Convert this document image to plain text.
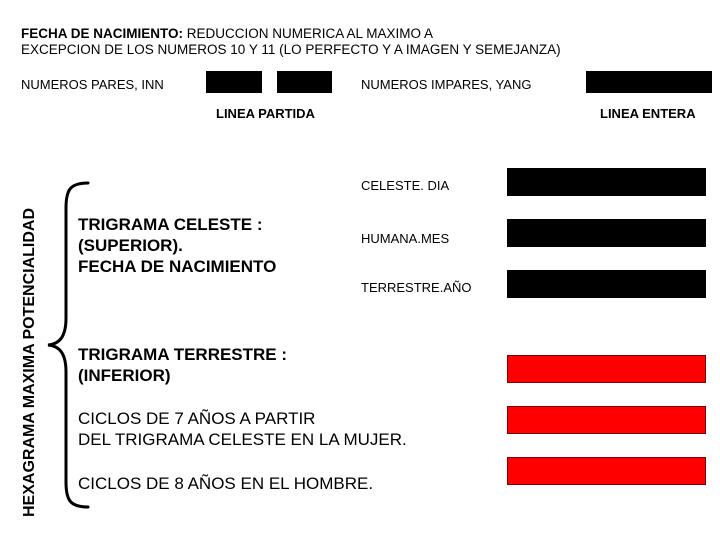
FECHA DE NACIMIENTO: REDUCCION NUMERICA AL MAXIMO A
EXCEPCION DE LOS NUMEROS 10 Y 11 (LO PERFECTO Y A IMAGEN Y SEMEJANZA)
NUMEROS PARES, INN
LINEA PARTIDA
NUMEROS IMPARES, YANG
LINEA ENTERA
HEXAGRAMA MAXIMA POTENCIALIDAD TRIGRAMA CELESTE :
(SUPERIOR).
FECHA DE NACIMIENTO
CELESTE. DIA
HUMANA.MES
TERRESTRE.AÑO
TRIGRAMA TERRESTRE :
(INFERIOR)
CICLOS DE 7 AÑOS A PARTIR
DEL TRIGRAMA CELESTE EN LA MUJER.
CICLOS DE 8 AÑOS EN EL HOMBRE.
